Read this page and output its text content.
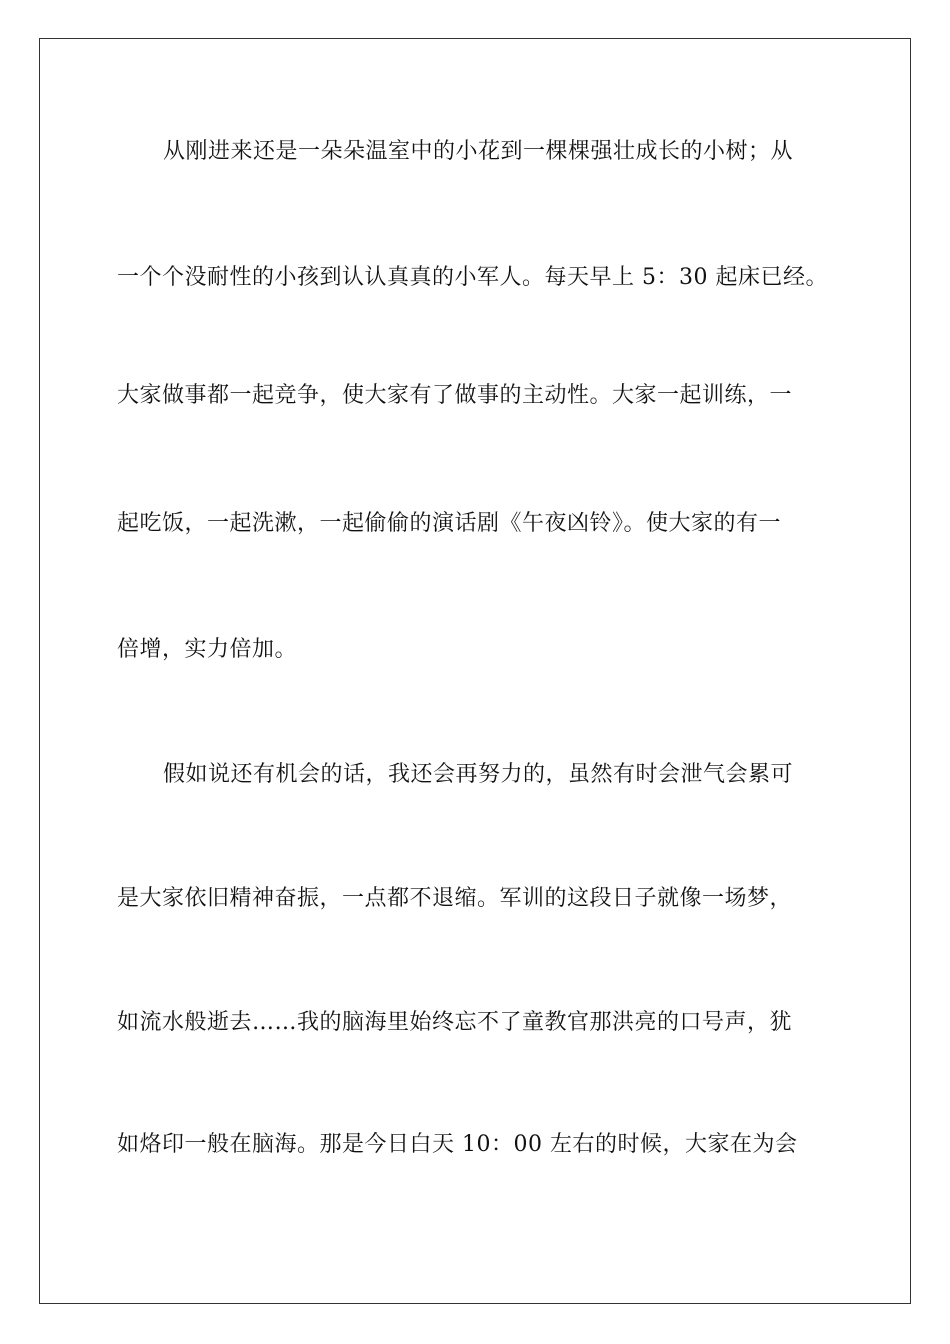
从刚进来还是一朵朵温室中的小花到一棵棵强壮成长的小树；从
一个个没耐性的小孩到认认真真的小军人。每天早上 5：30 起床已经。
大家做事都一起竞争，使大家有了做事的主动性。大家一起训练，一
起吃饭，一起洗漱，一起偷偷的演话剧《午夜凶铃》。使大家的有一
倍增，实力倍加。
假如说还有机会的话，我还会再努力的，虽然有时会泄气会累可
是大家依旧精神奋振，一点都不退缩。军训的这段日子就像一场梦，
如流水般逝去……我的脑海里始终忘不了童教官那洪亮的口号声，犹
如烙印一般在脑海。那是今日白天 10：00 左右的时候，大家在为会
